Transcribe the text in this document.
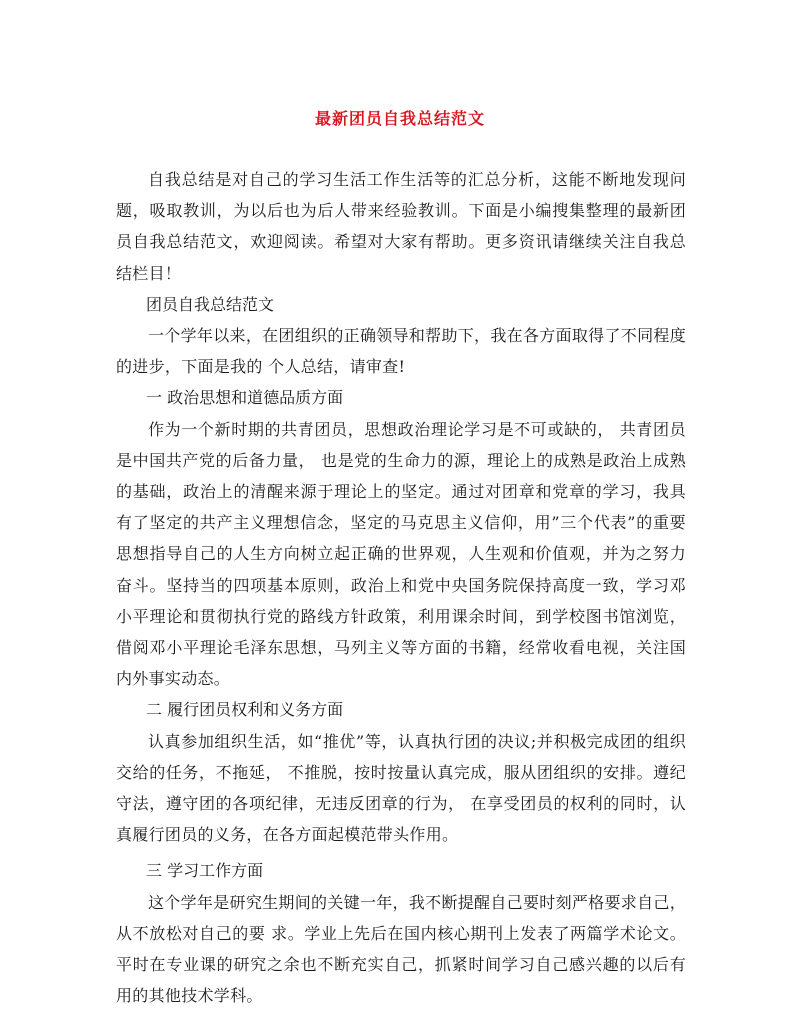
最新团员自我总结范文

自我总结是对自己的学习生活工作生活等的汇总分析，这能不断地发现问题，吸取教训，为以后也为后人带来经验教训。下面是小编搜集整理的最新团员自我总结范文，欢迎阅读。希望对大家有帮助。更多资讯请继续关注自我总结栏目！

团员自我总结范文

一个学年以来，在团组织的正确领导和帮助下，我在各方面取得了不同程度的进步，下面是我的 个人总结，请审查!

一 政治思想和道德品质方面

作为一个新时期的共青团员，思想政治理论学习是不可或缺的， 共青团员是中国共产党的后备力量， 也是党的生命力的源，理论上的成熟是政治上成熟的基础，政治上的清醒来源于理论上的坚定。通过对团章和党章的学习，我具有了坚定的共产主义理想信念，坚定的马克思主义信仰，用”三个代表”的重要思想指导自己的人生方向树立起正确的世界观，人生观和价值观，并为之努力奋斗。坚持当的四项基本原则，政治上和党中央国务院保持高度一致，学习邓小平理论和贯彻执行党的路线方针政策，利用课余时间，到学校图书馆浏览，借阅邓小平理论毛泽东思想，马列主义等方面的书籍，经常收看电视，关注国内外事实动态。

二 履行团员权利和义务方面

认真参加组织生活，如“推优”等，认真执行团的决议;并积极完成团的组织交给的任务，不拖延， 不推脱，按时按量认真完成，服从团组织的安排。遵纪守法，遵守团的各项纪律，无违反团章的行为， 在享受团员的权利的同时，认真履行团员的义务，在各方面起模范带头作用。

三 学习工作方面

这个学年是研究生期间的关键一年，我不断提醒自己要时刻严格要求自己，从不放松对自己的要 求。学业上先后在国内核心期刊上发表了两篇学术论文。平时在专业课的研究之余也不断充实自己，抓紧时间学习自己感兴趣的以后有用的其他技术学科。
